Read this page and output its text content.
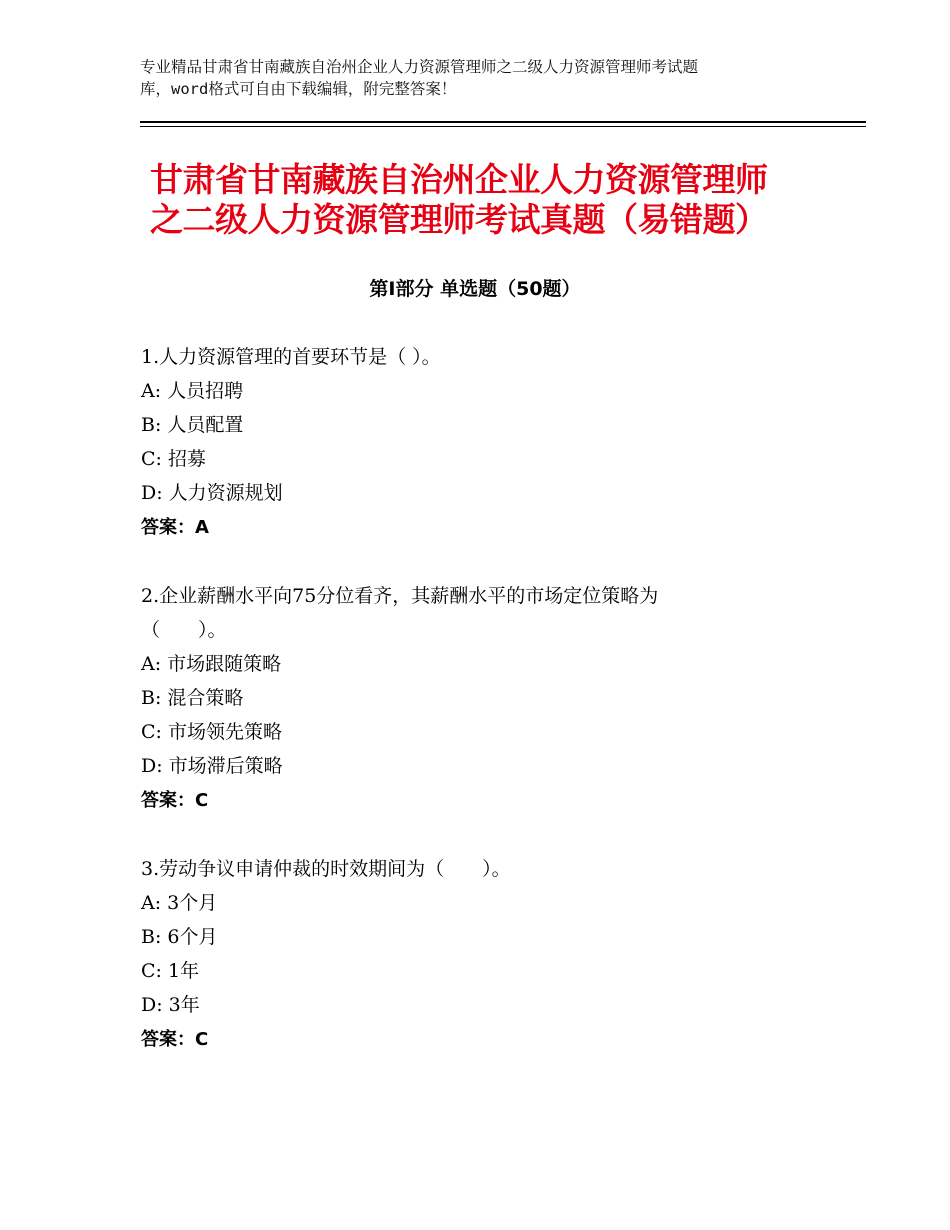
专业精品甘肃省甘南藏族自治州企业人力资源管理师之二级人力资源管理师考试题
库，word格式可自由下载编辑，附完整答案！
甘肃省甘南藏族自治州企业人力资源管理师
之二级人力资源管理师考试真题（易错题）
第Ⅰ部分 单选题（50题）
1.人力资源管理的首要环节是（ ）。
A: 人员招聘
B: 人员配置
C: 招募
D: 人力资源规划
答案：A
2.企业薪酬水平向75分位看齐，其薪酬水平的市场定位策略为
（　　）。
A: 市场跟随策略
B: 混合策略
C: 市场领先策略
D: 市场滞后策略
答案：C
3.劳动争议申请仲裁的时效期间为（　　）。
A: 3个月
B: 6个月
C: 1年
D: 3年
答案：C
